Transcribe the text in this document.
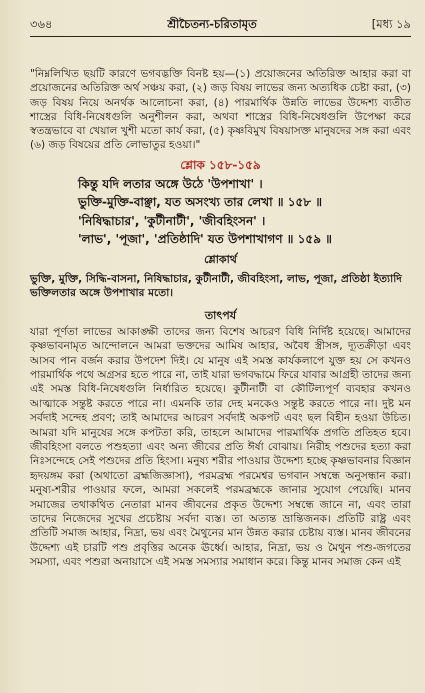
৩৬৪	শ্রীচৈতন্য-চরিতামৃত	[মধ্য ১৯
"নিম্নলিখিত ছয়টি কারণে ভগবদ্ভক্তি বিনষ্ট হয়—(১) প্রয়োজনের অতিরিক্ত আহার করা বা প্রয়োজনের অতিরিক্ত অর্থ সঞ্চয় করা, (২) জড় বিষয় লাভের জন্য অত্যধিক চেষ্টা করা, (৩) জড় বিষয় নিয়ে অনর্থক আলোচনা করা, (৪) পারমার্থিক উন্নতি লাভের উদ্দেশ্য ব্যতীত শাস্ত্রের বিধি-নিষেধগুলি অনুশীলন করা, অথবা শাস্ত্রের বিধি-নিষেধগুলি উপেক্ষা করে স্বতন্ত্রভাবে বা খেয়াল খুশী মতো কার্য করা, (৫) কৃষ্ণবিমুখ বিষয়াসক্ত মানুষদের সঙ্গ করা এবং (৬) জড় বিষয়ের প্রতি লোভাতুর হওয়া।"
শ্লোক ১৫৮-১৫৯
কিন্তু যদি লতার অঙ্গে উঠে 'উপশাখা' ।
ভুক্তি-মুক্তি-বাঞ্ছা, যত অসংখ্য তার লেখা ॥ ১৫৮ ॥
'নিষিদ্ধাচার', 'কুটীনাটী', 'জীবহিংসন' ।
'লাভ', 'পূজা', 'প্রতিষ্ঠাদি' যত উপশাখাগণ ॥ ১৫৯ ॥
শ্লোকার্থ
ভুক্তি, মুক্তি, সিদ্ধি-বাসনা, নিষিদ্ধাচার, কুটীনাটী, জীবহিংসা, লাভ, পূজা, প্রতিষ্ঠা ইত্যাদি ভক্তিলতার অঙ্গে উপশাখার মতো।
তাৎপর্য
যারা পূর্ণতা লাভের আকাঙ্ক্ষী তাদের জন্য বিশেষ আচরণ বিধি নির্দিষ্ট হয়েছে। আমাদের কৃষ্ণভাবনামৃত আন্দোলনে আমরা ভক্তদের আমিষ আহার, অবৈধ স্ত্রীসঙ্গ, দ্যূতক্রীড়া এবং আসব পান বর্জন করার উপদেশ দিই। যে মানুষ এই সমস্ত কার্যকলাপে যুক্ত হয় সে কখনও পারমার্থিক পথে অগ্রসর হতে পারে না, তাই যারা ভগবদ্ধামে ফিরে যাবার আগ্রহী তাদের জন্য এই সমস্ত বিধি-নিষেধগুলি নির্ধারিত হয়েছে। কুটীনাটী বা কৌটিল্যপূর্ণ ব্যবহার কখনও আত্মাকে সন্তুষ্ট করতে পারে না। এমনকি তার দেহ মনকেও সন্তুষ্ট করতে পারে না। দুষ্ট মন সর্বদাই সন্দেহ প্রবণ; তাই আমাদের আচরণ সর্বদাই অকপট এবং ছল বিহীন হওয়া উচিত। আমরা যদি মানুষের সঙ্গে কপটতা করি, তাহলে আমাদের পারমার্থিক প্রগতি প্রতিহত হবে। জীবহিংসা বলতে পশুহত্যা এবং অন্য জীবের প্রতি ঈর্ষা বোঝায়। নিরীহ পশুদের হত্যা করা নিঃসন্দেহে সেই পশুদের প্রতি হিংসা। মনুষ্য শরীর পাওয়ার উদ্দেশ্য হচ্ছে কৃষ্ণভাবনার বিজ্ঞান হৃদয়ঙ্গম করা (অথাতো ব্রহ্মজিজ্ঞাসা), পরমব্রহ্ম পরমেশ্বর ভগবান সম্বন্ধে অনুসন্ধান করা। মনুষ্য-শরীর পাওয়ার ফলে, আমরা সকলেই পরমব্রহ্মকে জানার সুযোগ পেয়েছি। মানব সমাজের তথাকথিত নেতারা মানব জীবনের প্রকৃত উদ্দেশ্য সম্বন্ধে জানে না, এবং তারা তাদের নিজেদের সুখের প্রচেষ্টায় সর্বদা ব্যস্ত। তা অত্যন্ত ভ্রান্তিজনক। প্রতিটি রাষ্ট্র এবং প্রতিটি সমাজ আহার, নিদ্রা, ভয় এবং মৈথুনের মান উন্নত করার চেষ্টায় ব্যস্ত। মানব জীবনের উদ্দেশ্য এই চারটি পশু প্রবৃত্তির অনেক ঊর্ধ্বে। আহার, নিদ্রা, ভয় ও মৈথুন পশু-জগতের সমস্যা, এবং পশুরা অনায়াসে এই সমস্ত সমস্যার সমাধান করে। কিন্তু মানব সমাজ কেন এই
